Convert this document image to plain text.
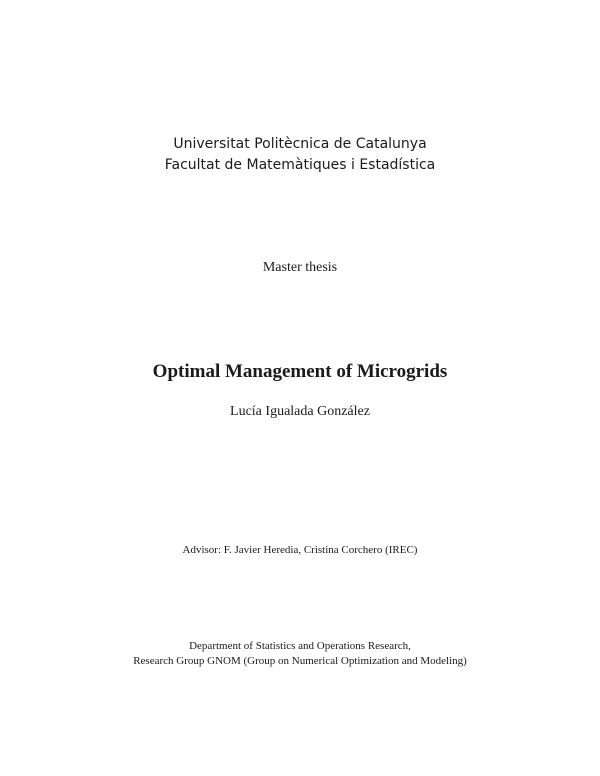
Universitat Politècnica de Catalunya
Facultat de Matemàtiques i Estadística
Master thesis
Optimal Management of Microgrids
Lucía Igualada González
Advisor: F. Javier Heredia, Cristina Corchero (IREC)
Department of Statistics and Operations Research,
Research Group GNOM (Group on Numerical Optimization and Modeling)
